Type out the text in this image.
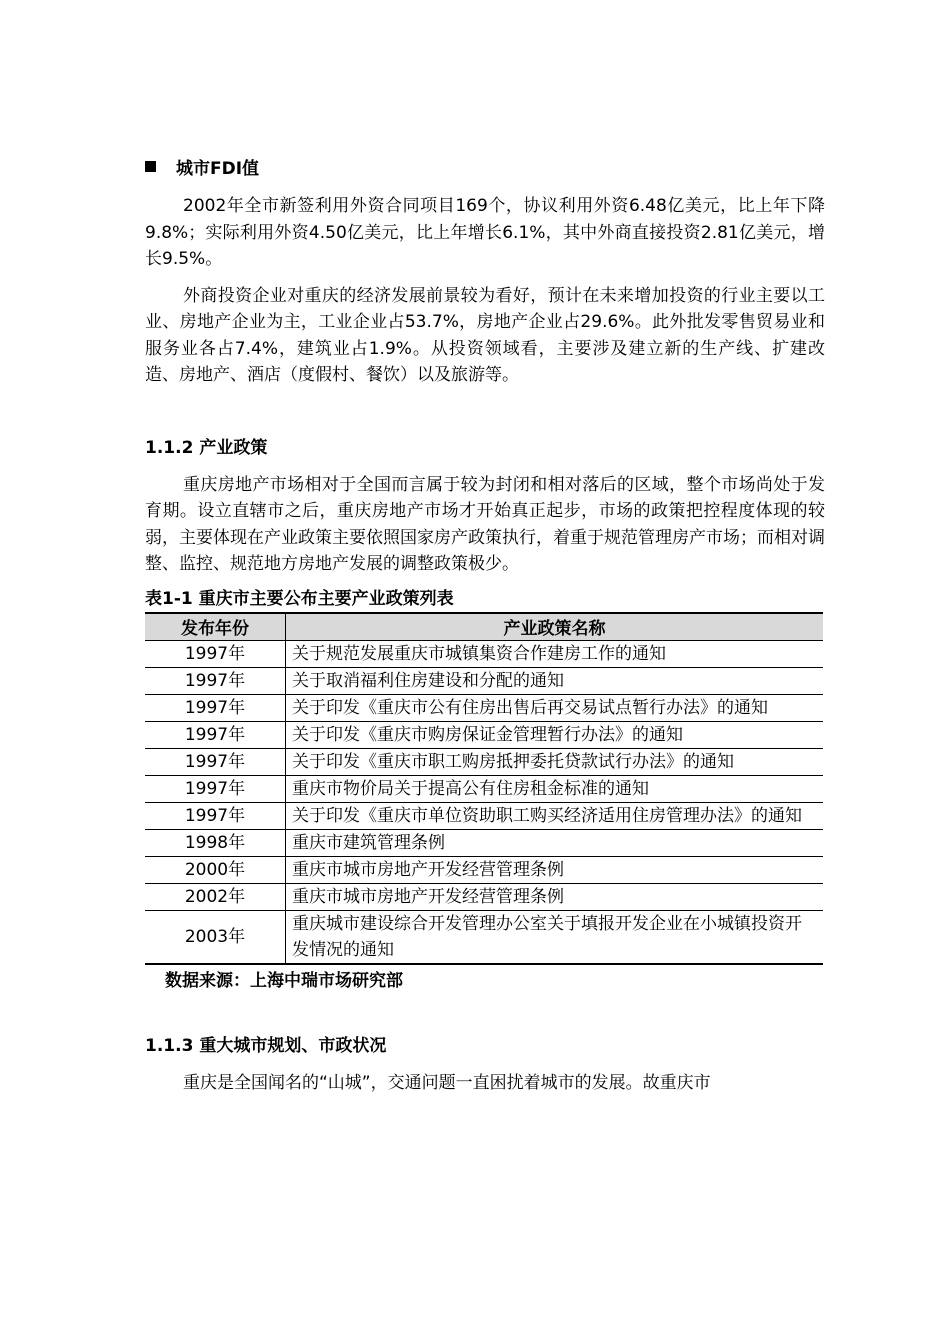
城市FDI值

2002年全市新签利用外资合同项目169个，协议利用外资6.48亿美元，比上年下降9.8%；实际利用外资4.50亿美元，比上年增长6.1%，其中外商直接投资2.81亿美元，增长9.5%。

外商投资企业对重庆的经济发展前景较为看好，预计在未来增加投资的行业主要以工业、房地产企业为主，工业企业占53.7%，房地产企业占29.6%。此外批发零售贸易业和服务业各占7.4%，建筑业占1.9%。从投资领域看，主要涉及建立新的生产线、扩建改造、房地产、酒店（度假村、餐饮）以及旅游等。

1.1.2 产业政策

重庆房地产市场相对于全国而言属于较为封闭和相对落后的区域，整个市场尚处于发育期。设立直辖市之后，重庆房地产市场才开始真正起步，市场的政策把控程度体现的较弱，主要体现在产业政策主要依照国家房产政策执行，着重于规范管理房产市场；而相对调整、监控、规范地方房地产发展的调整政策极少。

表1-1 重庆市主要公布主要产业政策列表
发布年份	产业政策名称
1997年	关于规范发展重庆市城镇集资合作建房工作的通知
1997年	关于取消福利住房建设和分配的通知
1997年	关于印发《重庆市公有住房出售后再交易试点暂行办法》的通知
1997年	关于印发《重庆市购房保证金管理暂行办法》的通知
1997年	关于印发《重庆市职工购房抵押委托贷款试行办法》的通知
1997年	重庆市物价局关于提高公有住房租金标准的通知
1997年	关于印发《重庆市单位资助职工购买经济适用住房管理办法》的通知
1998年	重庆市建筑管理条例
2000年	重庆市城市房地产开发经营管理条例
2002年	重庆市城市房地产开发经营管理条例
2003年	重庆城市建设综合开发管理办公室关于填报开发企业在小城镇投资开发情况的通知
数据来源：上海中瑞市场研究部
1.1.3 重大城市规划、市政状况

重庆是全国闻名的“山城”，交通问题一直困扰着城市的发展。故重庆市
